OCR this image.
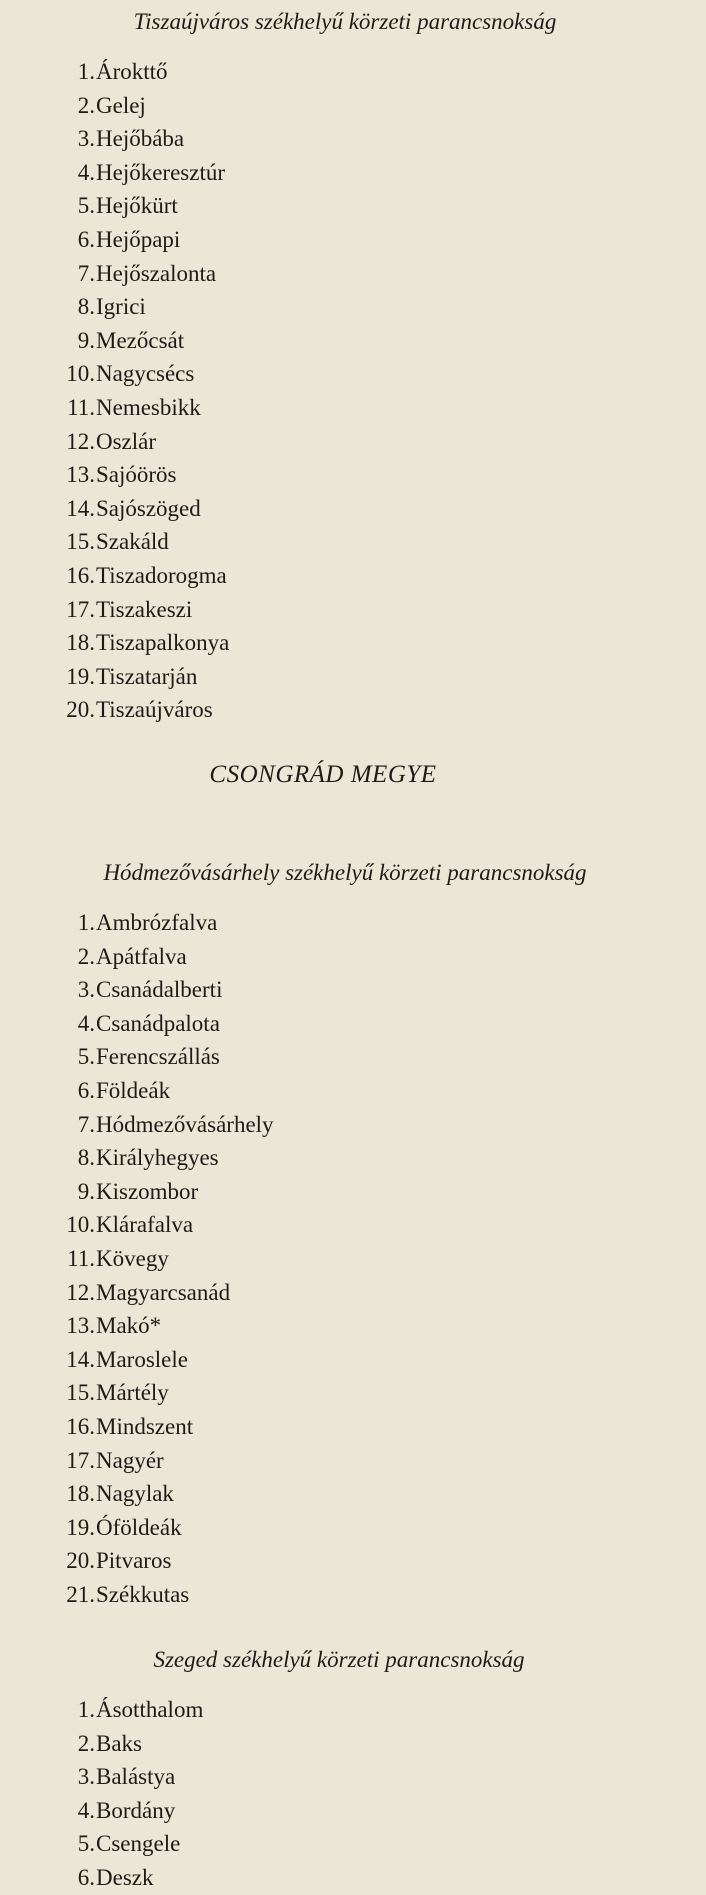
Tiszaújváros székhelyű körzeti parancsnokság
1. Árokttő
2. Gelej
3. Hejőbába
4. Hejőkeresztúr
5. Hejőkürt
6. Hejőpapi
7. Hejőszalonta
8. Igrici
9. Mezőcsát
10. Nagycsécs
11. Nemesbikk
12. Oszlár
13. Sajóörös
14. Sajószöged
15. Szakáld
16. Tiszadorogma
17. Tiszakeszi
18. Tiszapalkonya
19. Tiszatarján
20. Tiszaújváros
CSONGRÁD MEGYE
Hódmezővásárhely székhelyű körzeti parancsnokság
1. Ambrózfalva
2. Apátfalva
3. Csanádalberti
4. Csanádpalota
5. Ferencszállás
6. Földeák
7. Hódmezővásárhely
8. Királyhegyes
9. Kiszombor
10. Klárafalva
11. Kövegy
12. Magyarcsanád
13. Makó*
14. Maroslele
15. Mártély
16. Mindszent
17. Nagyér
18. Nagylak
19. Óföldeák
20. Pitvaros
21. Székkutas
Szeged székhelyű körzeti parancsnokság
1. Ásotthalom
2. Baks
3. Balástya
4. Bordány
5. Csengele
6. Deszk
